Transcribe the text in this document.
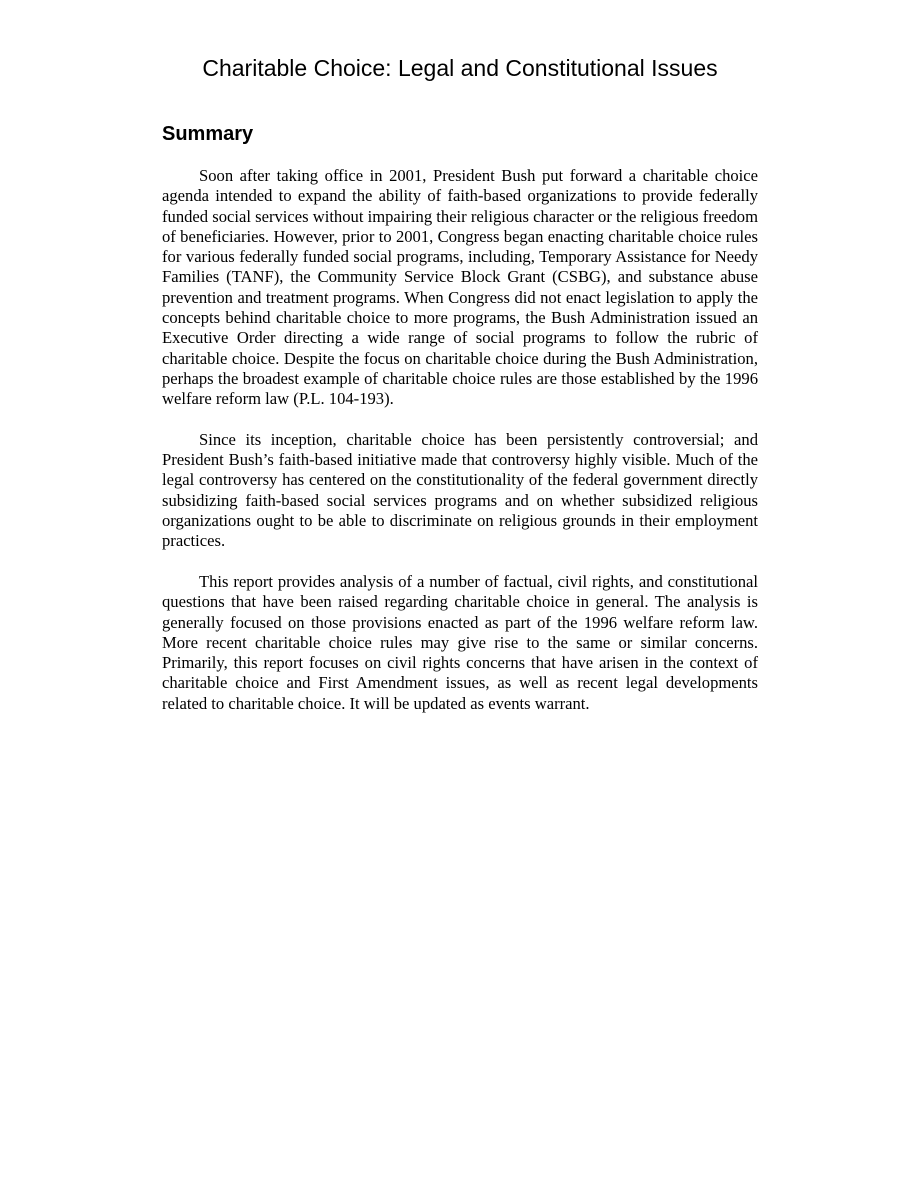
Charitable Choice: Legal and Constitutional Issues
Summary

Soon after taking office in 2001, President Bush put forward a charitable choice agenda intended to expand the ability of faith-based organizations to provide federally funded social services without impairing their religious character or the religious freedom of beneficiaries. However, prior to 2001, Congress began enacting charitable choice rules for various federally funded social programs, including, Temporary Assistance for Needy Families (TANF), the Community Service Block Grant (CSBG), and substance abuse prevention and treatment programs. When Congress did not enact legislation to apply the concepts behind charitable choice to more programs, the Bush Administration issued an Executive Order directing a wide range of social programs to follow the rubric of charitable choice. Despite the focus on charitable choice during the Bush Administration, perhaps the broadest example of charitable choice rules are those established by the 1996 welfare reform law (P.L. 104-193).

Since its inception, charitable choice has been persistently controversial; and President Bush’s faith-based initiative made that controversy highly visible. Much of the legal controversy has centered on the constitutionality of the federal government directly subsidizing faith-based social services programs and on whether subsidized religious organizations ought to be able to discriminate on religious grounds in their employment practices.

This report provides analysis of a number of factual, civil rights, and constitutional questions that have been raised regarding charitable choice in general. The analysis is generally focused on those provisions enacted as part of the 1996 welfare reform law. More recent charitable choice rules may give rise to the same or similar concerns. Primarily, this report focuses on civil rights concerns that have arisen in the context of charitable choice and First Amendment issues, as well as recent legal developments related to charitable choice. It will be updated as events warrant.
